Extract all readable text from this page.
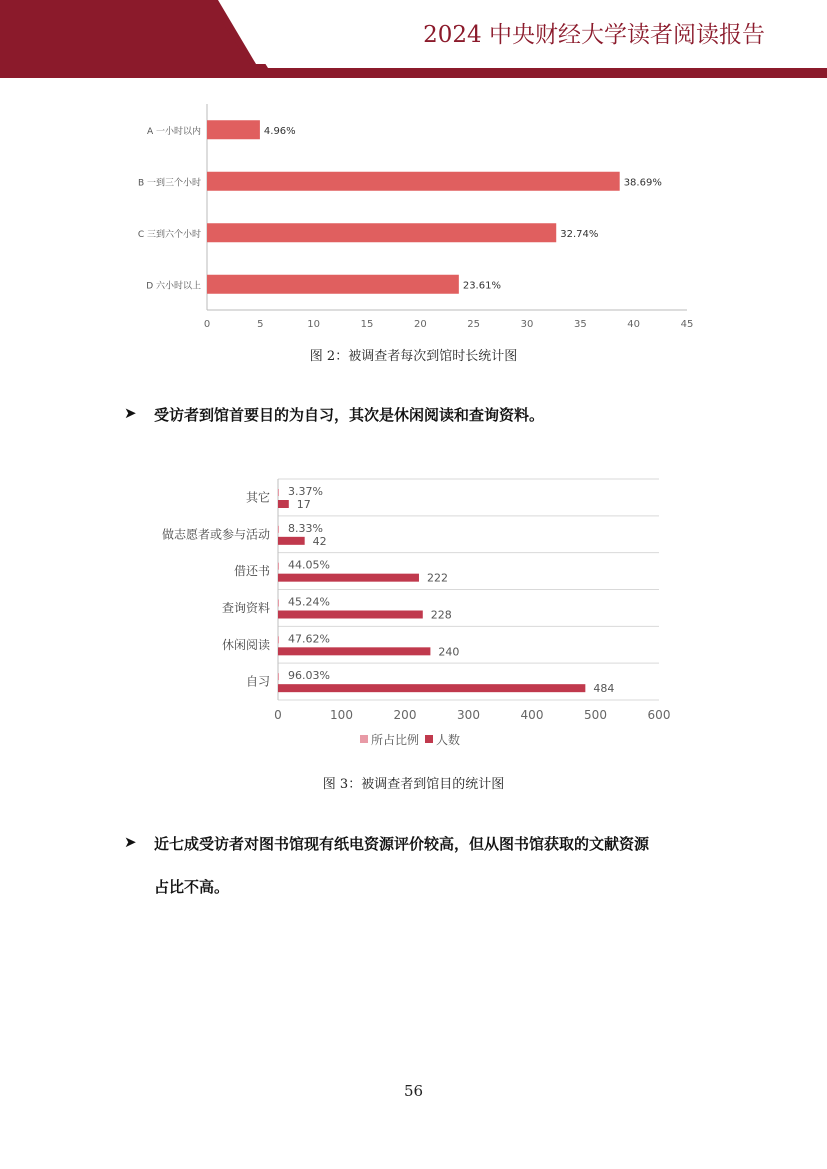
2024 中央财经大学读者阅读报告
A 一小时以内	4.96%
B 一到三个小时	38.69%
C 三到六个小时	32.74%
D 六小时以上	23.61%
0	5	10	15	20	25	30	35	40	45
图 2：被调查者每次到馆时长统计图
➤ 受访者到馆首要目的为自习，其次是休闲阅读和查询资料。
其它 3.37%
17
做志愿者或参与活动 8.33%
42
借还书 44.05%
222
查询资料 45.24%
228
休闲阅读 47.62%
240
自习 96.03%
484
0	100	200	300	400	500	600
所占比例 人数
图 3：被调查者到馆目的统计图
➤ 近七成受访者对图书馆现有纸电资源评价较高，但从图书馆获取的文献资源
占比不高。
56
